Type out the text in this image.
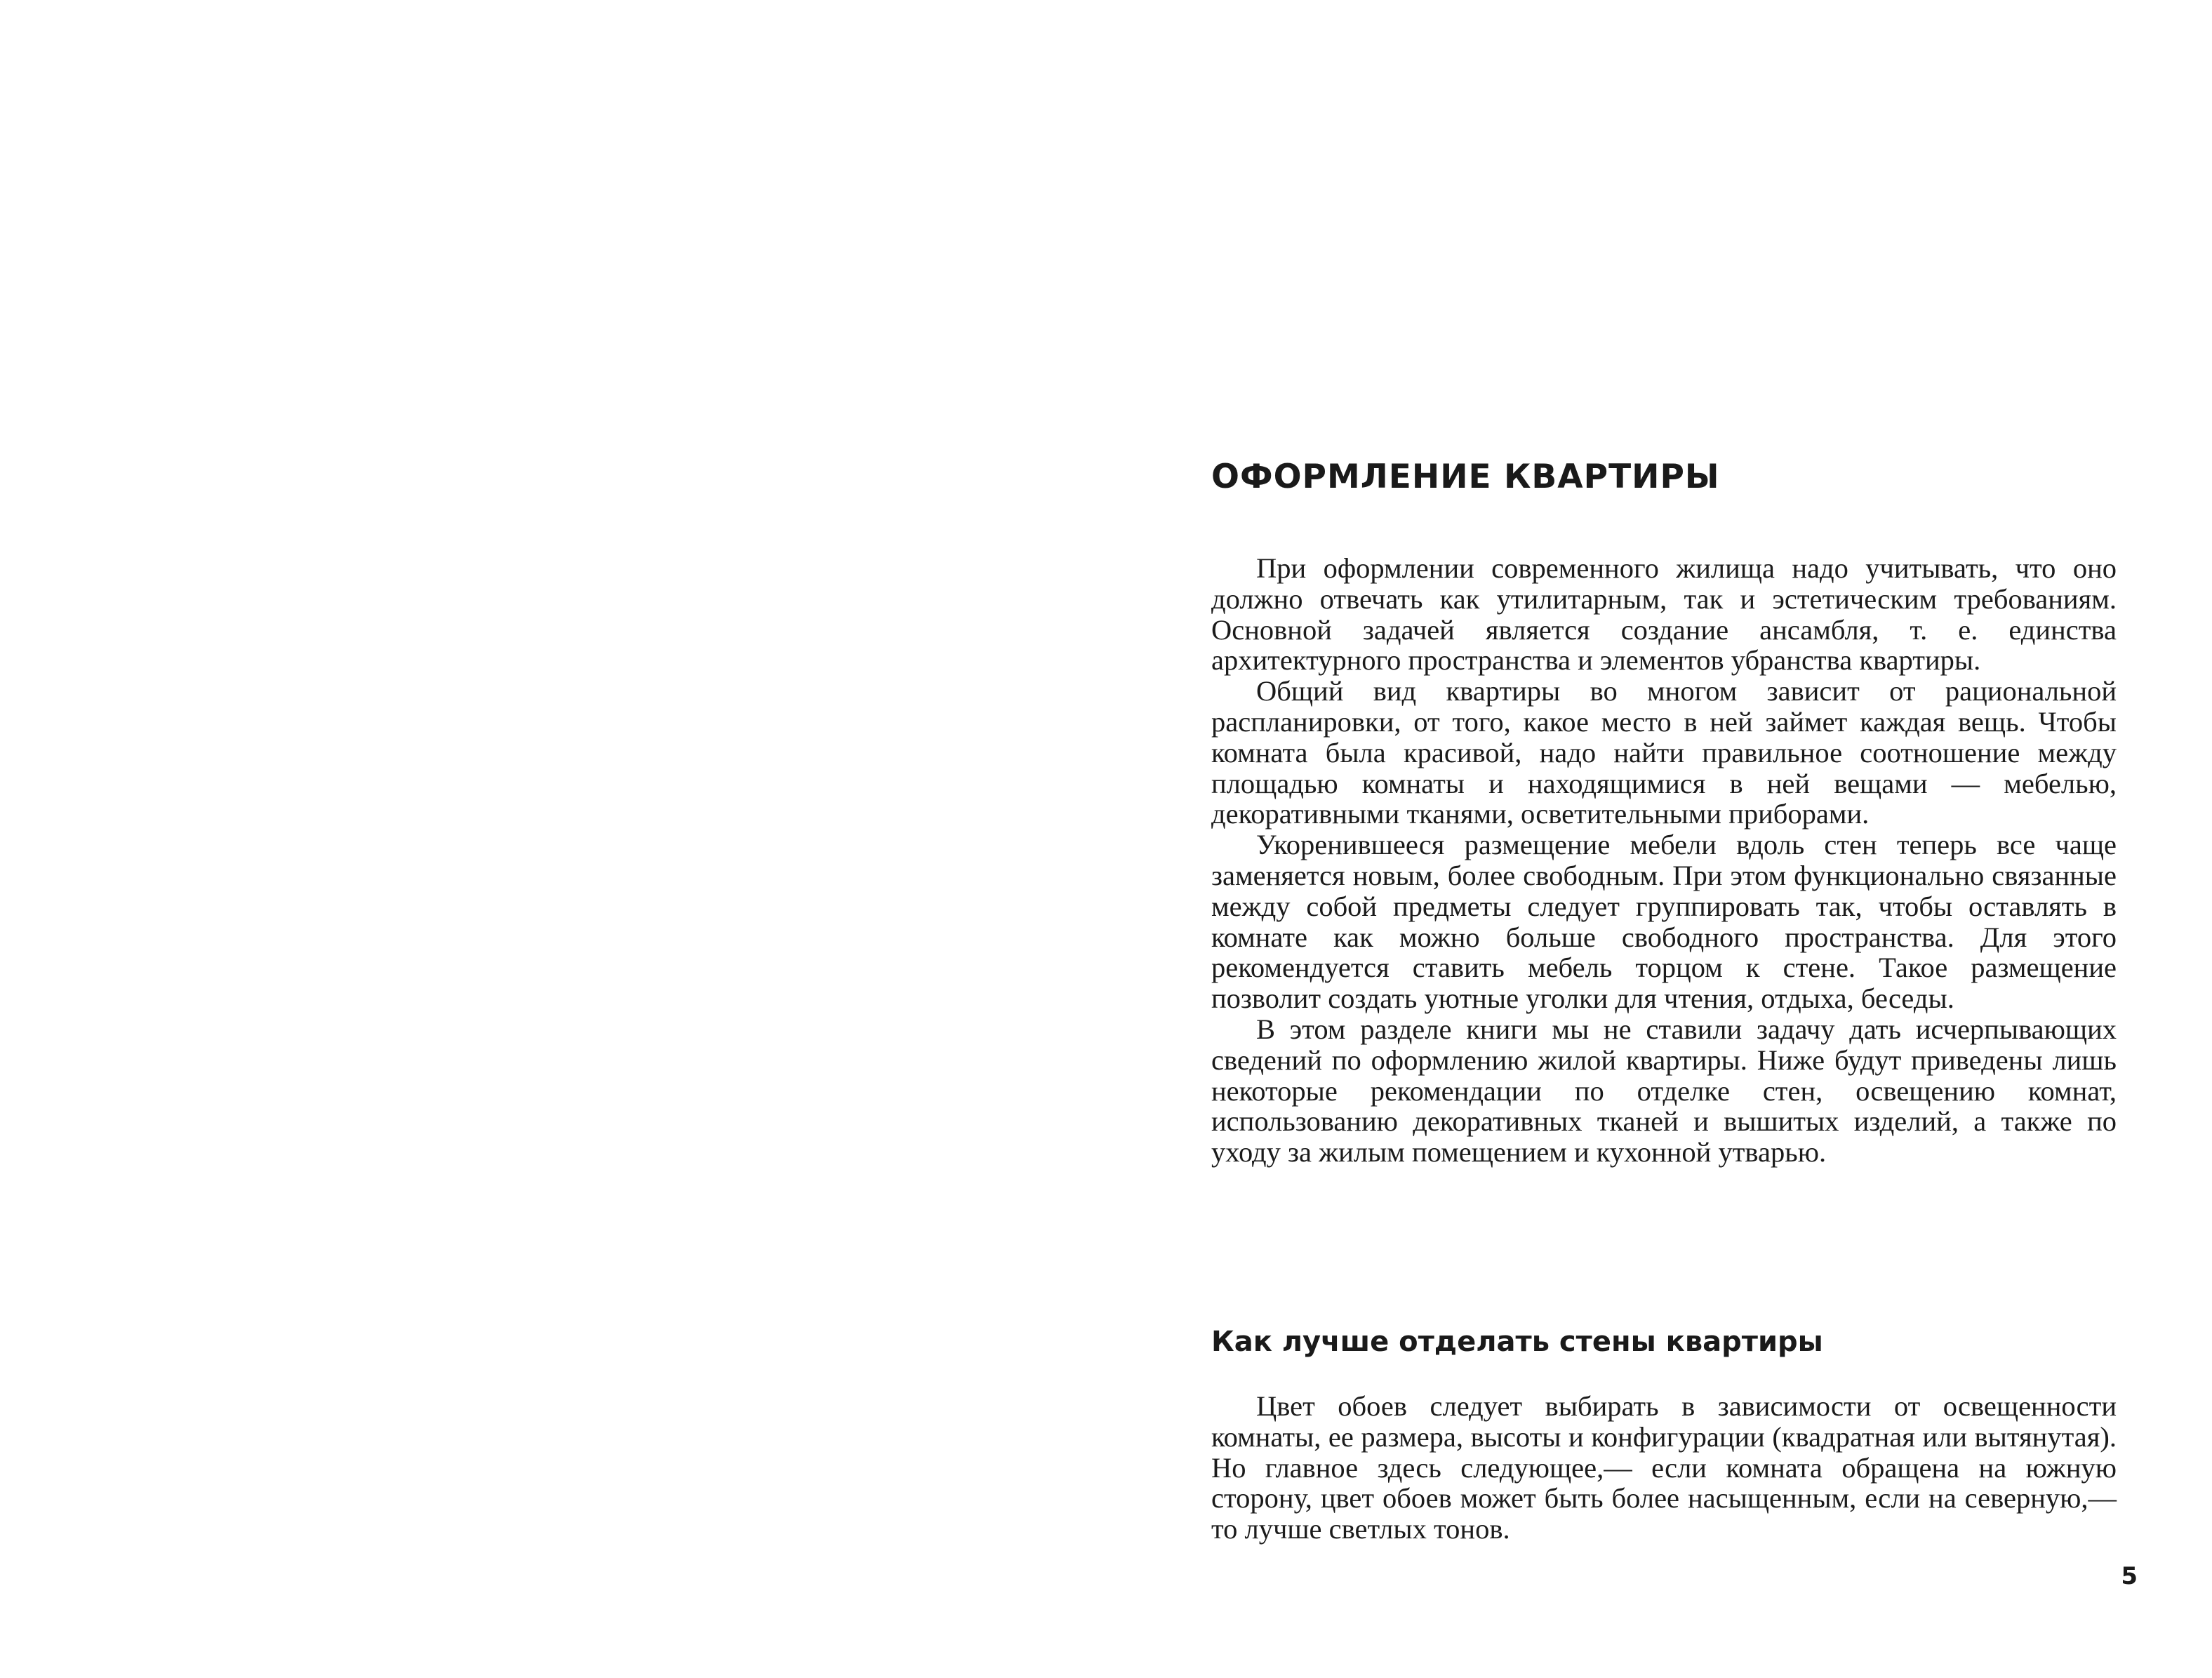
ОФОРМЛЕНИЕ КВАРТИРЫ

При оформлении современного жилища надо учитывать, что оно должно отвечать как утилитарным, так и эстетическим требованиям. Основной задачей является создание ансамбля, т. е. единства архитектурного пространства и элементов убранства квартиры.

Общий вид квартиры во многом зависит от рациональной распланировки, от того, какое место в ней займет каждая вещь. Чтобы комната была красивой, надо найти правильное соотношение между площадью комнаты и находящимися в ней вещами — мебелью, декоративными тканями, осветительными приборами.

Укоренившееся размещение мебели вдоль стен теперь все чаще заменяется новым, более свободным. При этом функционально связанные между собой предметы следует группировать так, чтобы оставлять в комнате как можно больше свободного пространства. Для этого рекомендуется ставить мебель торцом к стене. Такое размещение позволит создать уютные уголки для чтения, отдыха, беседы.

В этом разделе книги мы не ставили задачу дать исчерпывающих сведений по оформлению жилой квартиры. Ниже будут приведены лишь некоторые рекомендации по отделке стен, освещению комнат, использованию декоративных тканей и вышитых изделий, а также по уходу за жилым помещением и кухонной утварью.

Как лучше отделать стены квартиры

Цвет обоев следует выбирать в зависимости от освещенности комнаты, ее размера, высоты и конфигурации (квадратная или вытянутая). Но главное здесь следующее,— если комната обращена на южную сторону, цвет обоев может быть более насыщенным, если на северную,— то лучше светлых тонов.

5
